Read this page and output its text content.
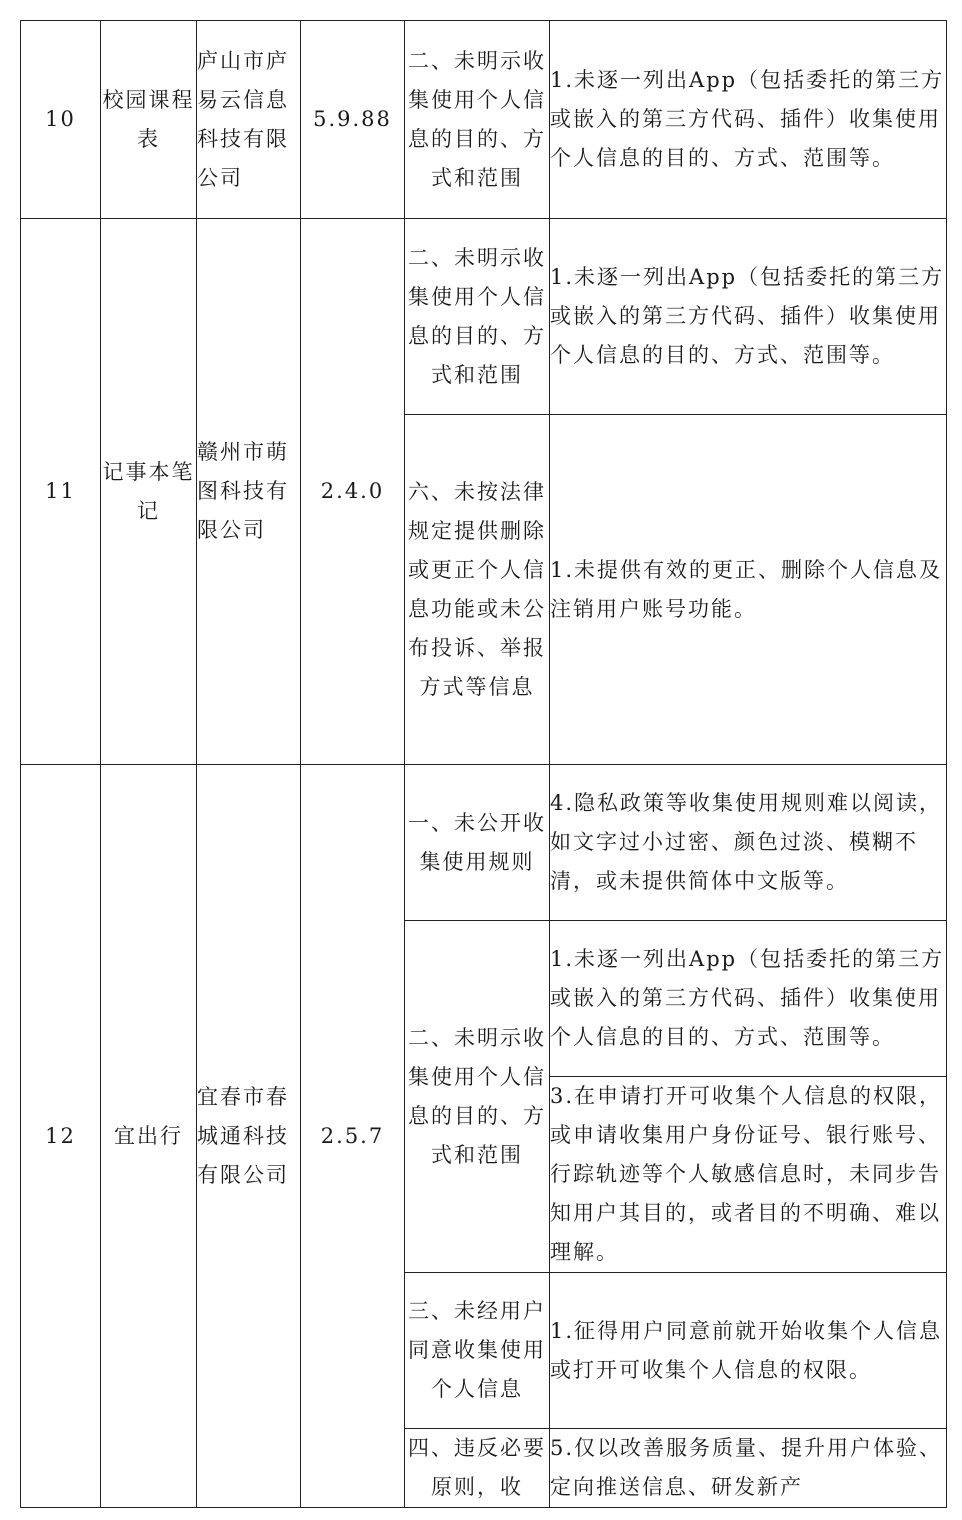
10	校园课程表	庐山市庐易云信息科技有限公司	5.9.88	二、未明示收集使用个人信息的目的、方式和范围	1.未逐一列出App（包括委托的第三方或嵌入的第三方代码、插件）收集使用个人信息的目的、方式、范围等。
11	记事本笔记	赣州市萌图科技有限公司	2.4.0	二、未明示收集使用个人信息的目的、方式和范围	1.未逐一列出App（包括委托的第三方或嵌入的第三方代码、插件）收集使用个人信息的目的、方式、范围等。
				六、未按法律规定提供删除或更正个人信息功能或未公布投诉、举报方式等信息	1.未提供有效的更正、删除个人信息及注销用户账号功能。
12	宜出行	宜春市春城通科技有限公司	2.5.7	一、未公开收集使用规则	4.隐私政策等收集使用规则难以阅读，如文字过小过密、颜色过淡、模糊不清，或未提供简体中文版等。
				二、未明示收集使用个人信息的目的、方式和范围	1.未逐一列出App（包括委托的第三方或嵌入的第三方代码、插件）收集使用个人信息的目的、方式、范围等。
					3.在申请打开可收集个人信息的权限，或申请收集用户身份证号、银行账号、行踪轨迹等个人敏感信息时，未同步告知用户其目的，或者目的不明确、难以理解。
				三、未经用户同意收集使用个人信息	1.征得用户同意前就开始收集个人信息或打开可收集个人信息的权限。
				四、违反必要原则，收	5.仅以改善服务质量、提升用户体验、定向推送信息、研发新产
